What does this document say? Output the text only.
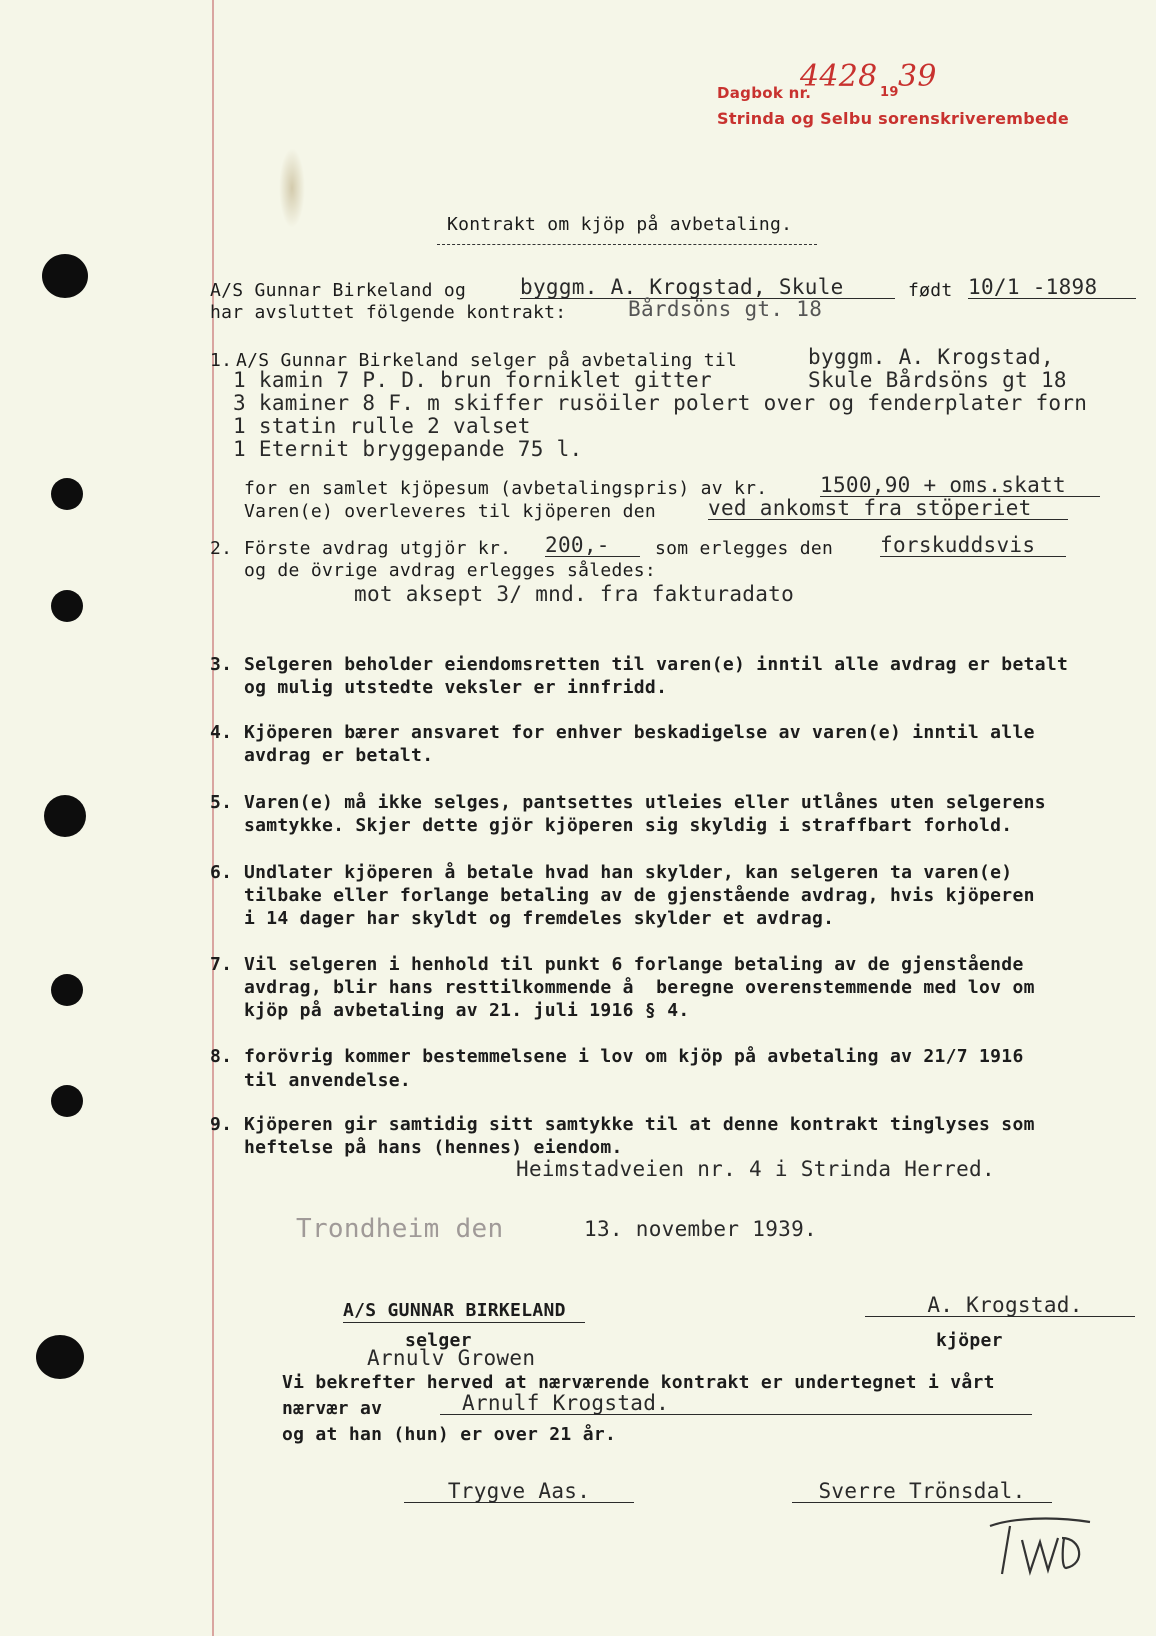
Dagbok nr.
4428 19 39
Strinda og Selbu sorenskriverembede
Kontrakt om kjöp på avbetaling.
A/S Gunnar Birkeland og	byggm. A. Krogstad, Skule	født 10/1 -1898
har avsluttet fölgende kontrakt:	Bårdsöns gt. 18
1. A/S Gunnar Birkeland selger på avbetaling til	byggm. A. Krogstad,
1 kamin 7 P. D. brun forniklet gitter	Skule Bårdsöns gt 18
3 kaminer 8 F. m skiffer rusöiler polert over og fenderplater forn
1 statin rulle 2 valset
1 Eternit bryggepande 75 l.
for en samlet kjöpesum (avbetalingspris) av kr.	1500,90 + oms.skatt
Varen(e) overleveres til kjöperen den ved ankomst fra stöperiet
2. Förste avdrag utgjör kr. 200,-	som erlegges den forskuddsvis
og de övrige avdrag erlegges således:
mot aksept 3/ mnd. fra fakturadato
3. Selgeren beholder eiendomsretten til varen(e) inntil alle avdrag er betalt
og mulig utstedte veksler er innfridd.
4. Kjöperen bærer ansvaret for enhver beskadigelse av varen(e) inntil alle
avdrag er betalt.
5. Varen(e) må ikke selges, pantsettes utleies eller utlånes uten selgerens
samtykke. Skjer dette gjör kjöperen sig skyldig i straffbart forhold.
6. Undlater kjöperen å betale hvad han skylder, kan selgeren ta varen(e)
tilbake eller forlange betaling av de gjenstående avdrag, hvis kjöperen
i 14 dager har skyldt og fremdeles skylder et avdrag.
7. Vil selgeren i henhold til punkt 6 forlange betaling av de gjenstående
avdrag, blir hans resttilkommende å  beregne overenstemmende med lov om
kjöp på avbetaling av 21. juli 1916 § 4.
8. forövrig kommer bestemmelsene i lov om kjöp på avbetaling av 21/7 1916
til anvendelse.
9. Kjöperen gir samtidig sitt samtykke til at denne kontrakt tinglyses som
heftelse på hans (hennes) eiendom.
Heimstadveien nr. 4 i Strinda Herred.
Trondheim den	13. november 1939.
A/S GUNNAR BIRKELAND
selger
Arnulv Growen
A. Krogstad.
kjöper
Vi bekrefter herved at nærværende kontrakt er undertegnet i vårt
nærvær av	Arnulf Krogstad.
og at han (hun) er over 21 år.
Trygve Aas.	Sverre Trönsdal.
